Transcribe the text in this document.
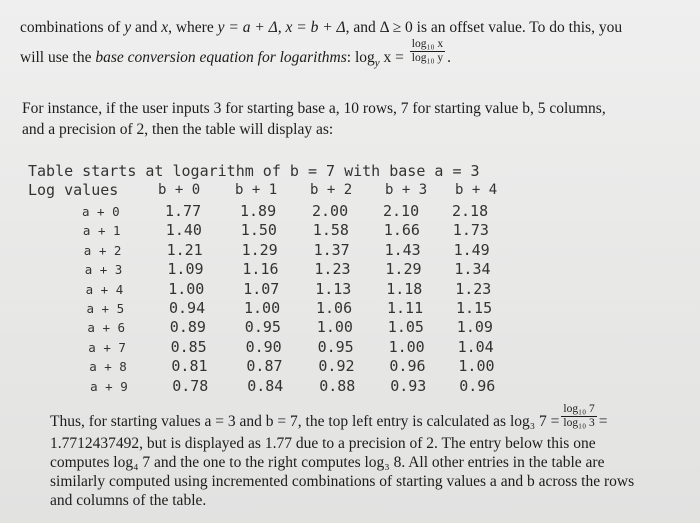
combinations of y and x, where y = a + Δ, x = b + Δ, and Δ ≥ 0 is an offset value. To do this, you
will use the base conversion equation for logarithms: $\log_y x = \frac{\text{log₁₀ x}}{\text{log₁₀ y}}$ .
For instance, if the user inputs 3 for starting base a, 10 rows, 7 for starting value b, 5 columns,
and a precision of 2, then the table will display as:
Table starts at logarithm of b = 7 with base a = 3
Log values	b + 0 b + 1 b + 2 b + 3 b + 4
a + 0	1.77	1.89 2.00 2.10 2.18
a + 1	1.40	1.50 1.58 1.66 1.73
a + 2	1.21	1.29 1.37 1.43 1.49
a + 3	1.09	1.16 1.23 1.29 1.34
a + 4	1.00	1.07 1.13 1.18 1.23
a + 5	0.94	1.00 1.06 1.11 1.15
a + 6	0.89	0.95 1.00 1.05 1.09
a + 7	0.85	0.90 0.95 1.00 1.04
a + 8	0.81	0.87 0.92 0.96 1.00
a + 9	0.78	0.84 0.88 0.93 0.96
Thus, for starting values a = 3 and b = 7, the top left entry is calculated as log₃ $7 = \frac{\text{log₁₀ 7}}{\text{log₁₀ 3}}$ =
1.7712437492, but is displayed as 1.77 due to a precision of 2. The entry below this one
computes log₄ 7 and the one to the right computes log₃ 8. All other entries in the table are
similarly computed using incremented combinations of starting values a and b across the rows
and columns of the table.
